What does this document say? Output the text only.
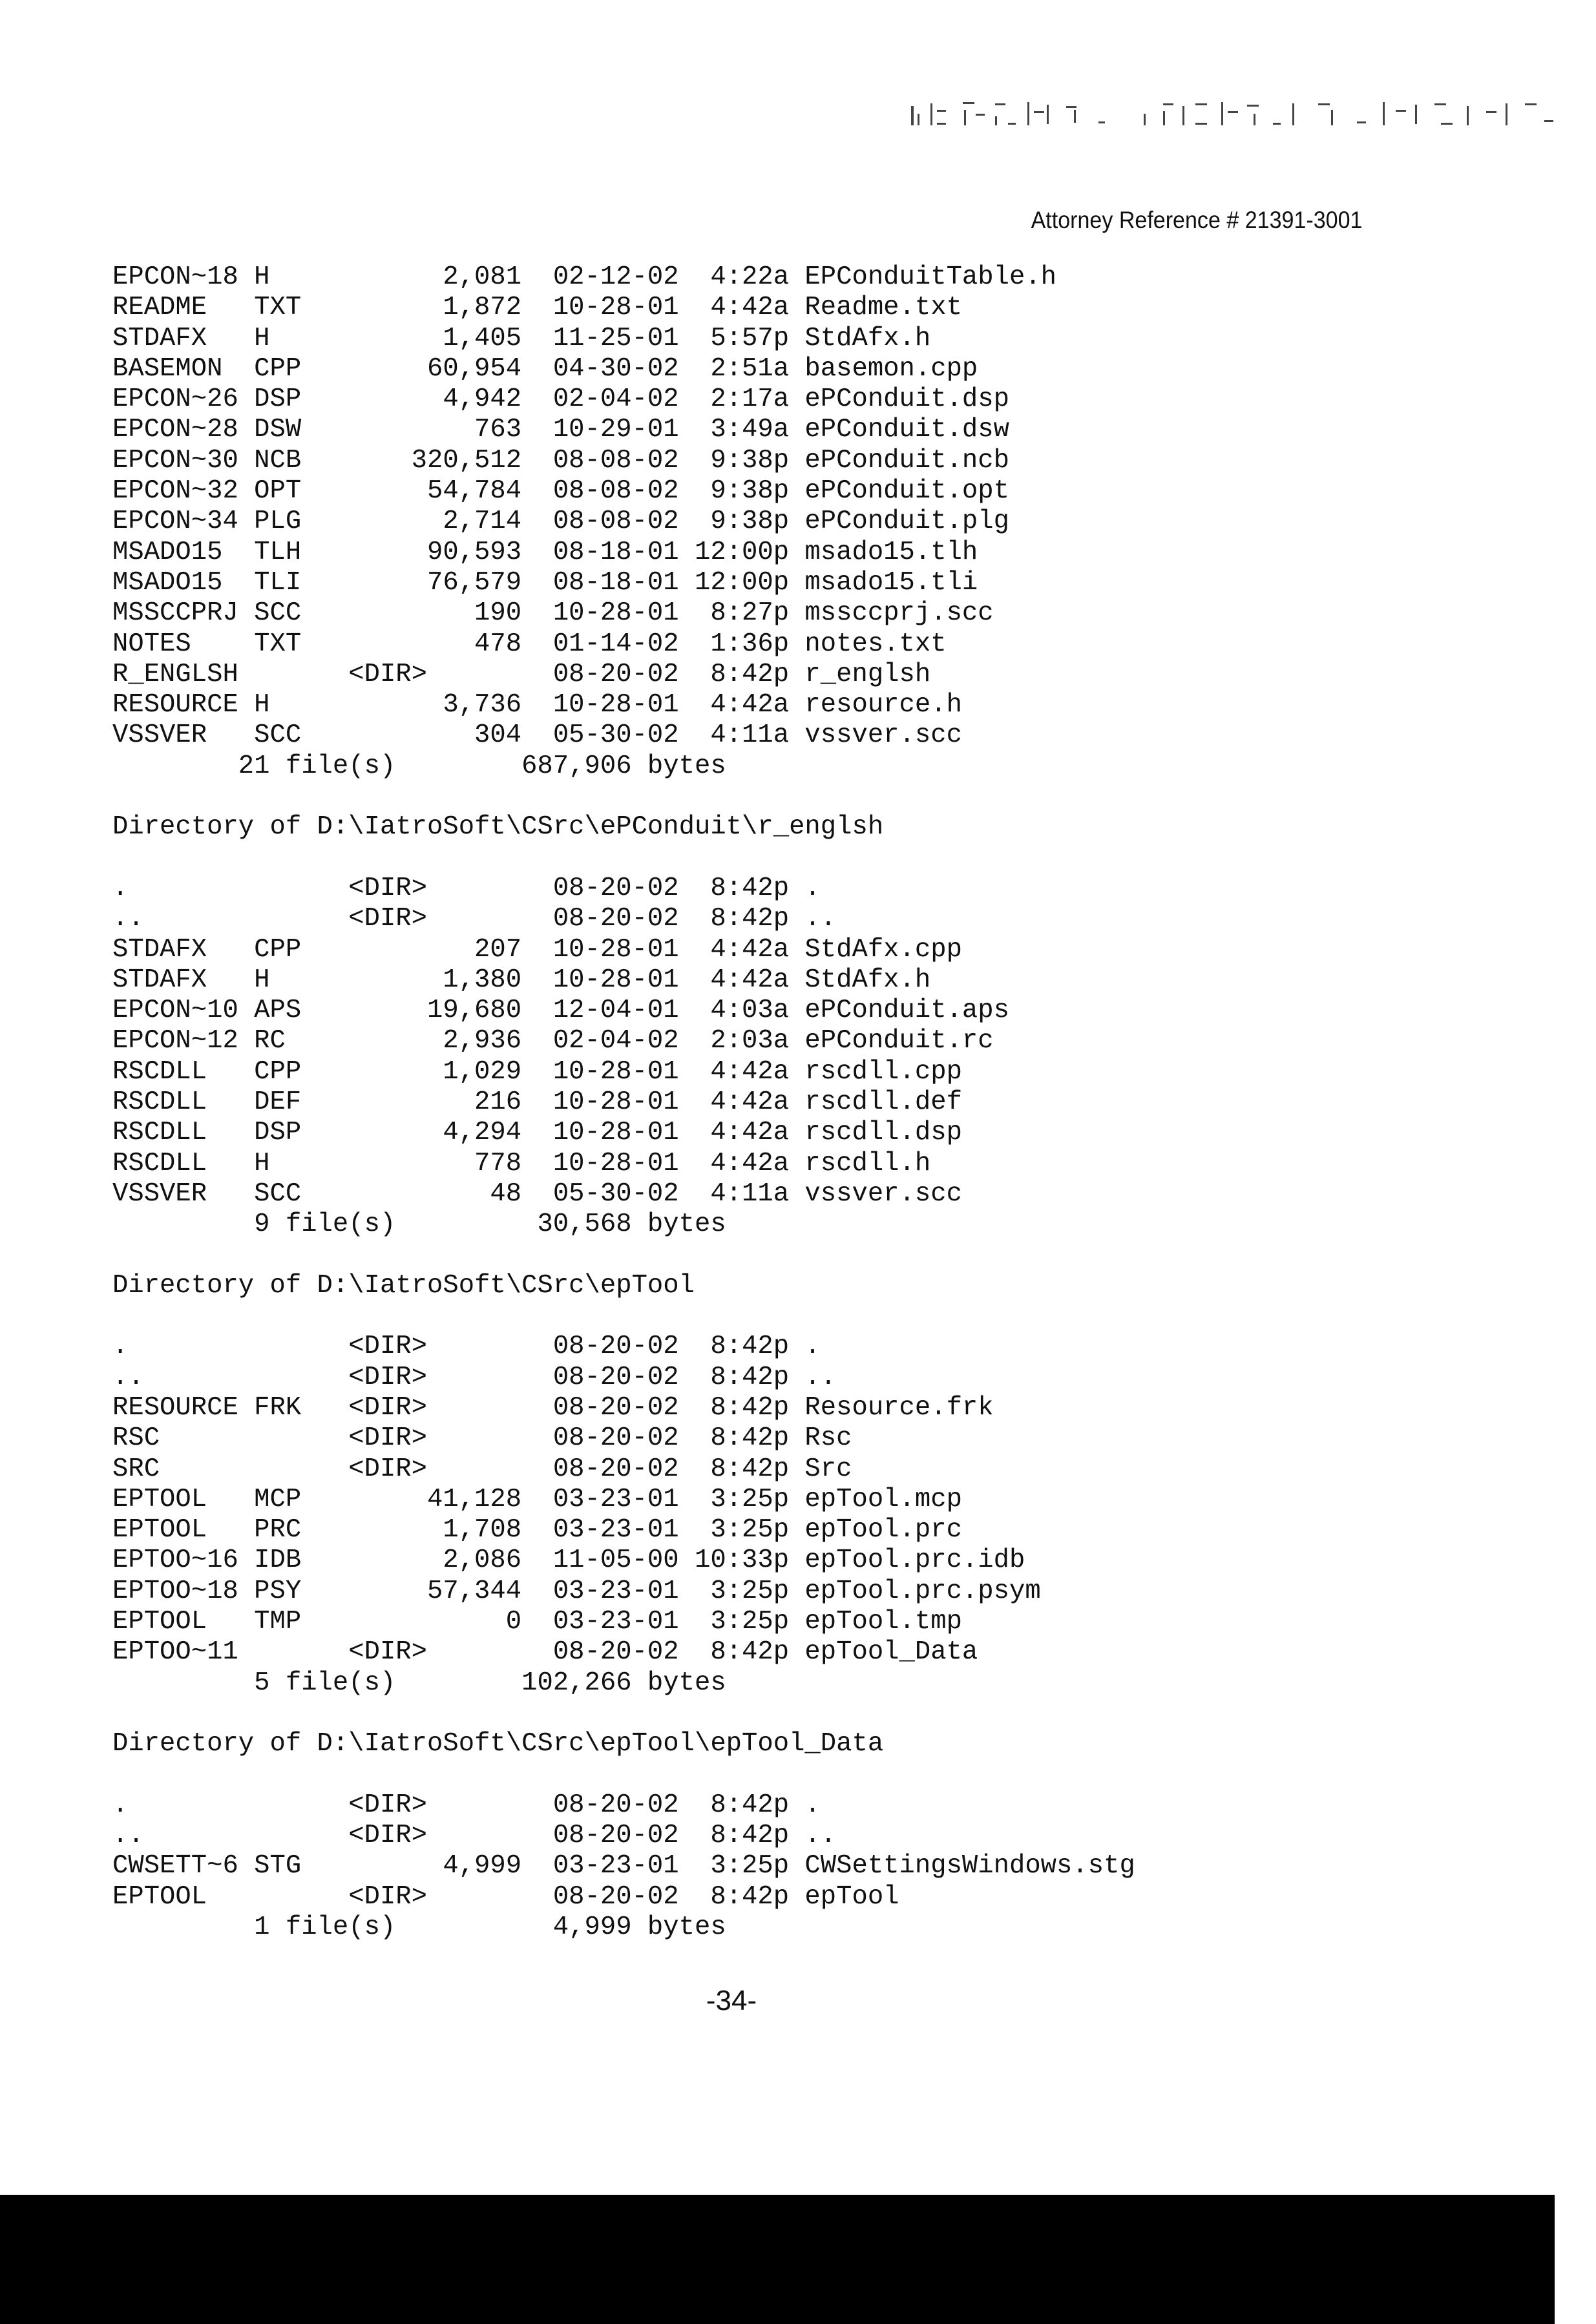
Attorney Reference # 21391-3001
EPCON~18 H	2,081 02-12-02	4:22a EPConduitTable.h
README TXT	1,872 10-28-01	4:42a Readme.txt
STDAFX H	1,405 11-25-01	5:57p StdAfx.h
BASEMON CPP	60,954 04-30-02	2:51a basemon.cpp
EPCON~26 DSP	4,942 02-04-02	2:17a ePConduit.dsp
EPCON~28 DSW	763 10-29-01	3:49a ePConduit.dsw
EPCON~30 NCB	320,512 08-08-02	9:38p ePConduit.ncb
EPCON~32 OPT	54,784 08-08-02	9:38p ePConduit.opt
EPCON~34 PLG	2,714 08-08-02	9:38p ePConduit.plg
MSADO15 TLH	90,593 08-18-01 12:00p msado15.tlh
MSADO15 TLI	76,579 08-18-01 12:00p msado15.tli
MSSCCPRJ SCC	190 10-28-01	8:27p mssccprj.scc
NOTES TXT	478 01-14-02	1:36p notes.txt
R_ENGLSH	<DIR>	08-20-02	8:42p r_englsh
RESOURCE H	3,736 10-28-01	4:42a resource.h
VSSVER SCC	304 05-30-02	4:11a vssver.scc
21 file(s)	687,906 bytes
Directory of D:\IatroSoft\CSrc\ePConduit\r_englsh
.	<DIR>	08-20-02	8:42p .
..	<DIR>	08-20-02	8:42p ..
STDAFX CPP	207 10-28-01	4:42a StdAfx.cpp
STDAFX H	1,380 10-28-01	4:42a StdAfx.h
EPCON~10 APS	19,680 12-04-01	4:03a ePConduit.aps
EPCON~12 RC	2,936 02-04-02	2:03a ePConduit.rc
RSCDLL CPP	1,029 10-28-01	4:42a rscdll.cpp
RSCDLL DEF	216 10-28-01	4:42a rscdll.def
RSCDLL DSP	4,294 10-28-01	4:42a rscdll.dsp
RSCDLL H	778 10-28-01	4:42a rscdll.h
VSSVER SCC	48 05-30-02	4:11a vssver.scc
9 file(s)	30,568 bytes
Directory of D:\IatroSoft\CSrc\epTool
.	<DIR>	08-20-02	8:42p .
..	<DIR>	08-20-02	8:42p ..
RESOURCE FRK <DIR>	08-20-02	8:42p Resource.frk
RSC	<DIR>	08-20-02	8:42p Rsc
SRC	<DIR>	08-20-02	8:42p Src
EPTOOL MCP	41,128 03-23-01	3:25p epTool.mcp
EPTOOL PRC	1,708 03-23-01	3:25p epTool.prc
EPTOO~16 IDB	2,086 11-05-00 10:33p epTool.prc.idb
EPTOO~18 PSY	57,344 03-23-01	3:25p epTool.prc.psym
EPTOOL TMP	0 03-23-01	3:25p epTool.tmp
EPTOO~11	<DIR>	08-20-02	8:42p epTool_Data
5 file(s)	102,266 bytes
Directory of D:\IatroSoft\CSrc\epTool\epTool_Data
.	<DIR>	08-20-02	8:42p .
..	<DIR>	08-20-02	8:42p ..
CWSETT~6 STG	4,999 03-23-01	3:25p CWSettingsWindows.stg
EPTOOL	<DIR>	08-20-02	8:42p epTool
1 file(s)	4,999 bytes
-34-
